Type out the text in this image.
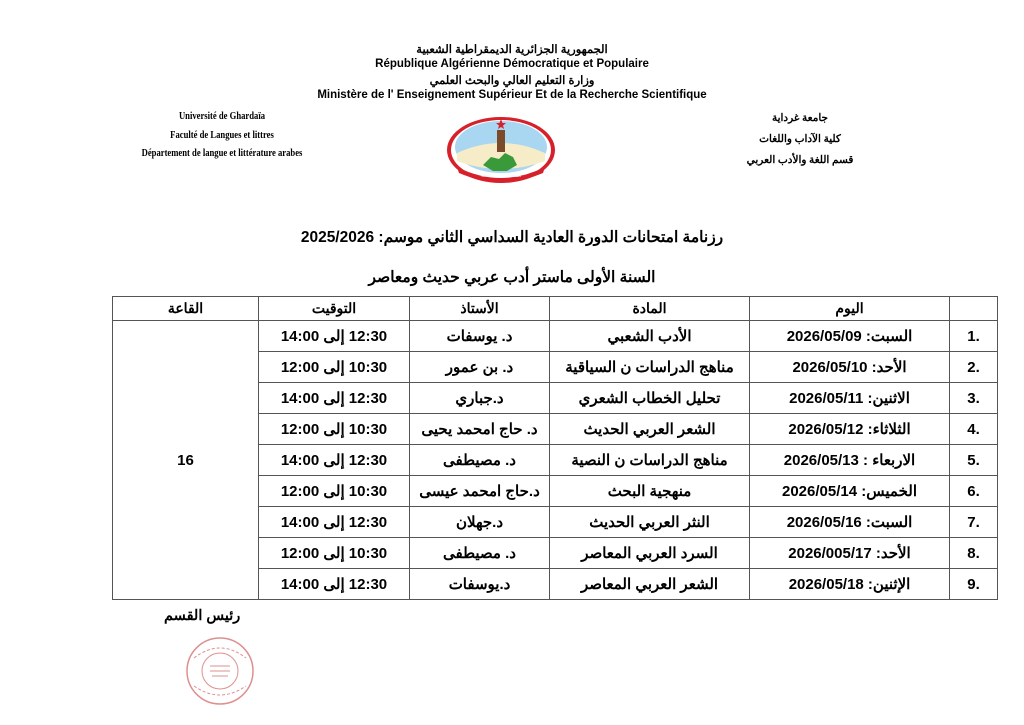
الجمهورية الجزائرية الديمقراطية الشعبية
République Algérienne Démocratique et Populaire
وزارة التعليم العالي والبحث العلمي
Ministère de l' Enseignement Supérieur Et de la Recherche Scientifique
Université de Ghardaïa
Faculté de Langues et littres
Département de langue et littérature arabes
جامعة غرداية
كلية الآداب واللغات
قسم اللغة والأدب العربي
University of Ghardaia
رزنامة امتحانات الدورة العادية السداسي الثاني موسم: 2025/2026
السنة الأولى ماستر أدب عربي حديث ومعاصر
	اليوم	المادة	الأستاذ	التوقيت	القاعة
1.	السبت: 2026/05/09	الأدب الشعبي	د. يوسفات	12:30 إلى 14:00	16
2.	الأحد: 2026/05/10	مناهج الدراسات ن السياقية	د. بن عمور	10:30 إلى 12:00	
3.	الاثنين: 2026/05/11	تحليل الخطاب الشعري	د.جباري	12:30 إلى 14:00	
4.	الثلاثاء: 2026/05/12	الشعر العربي الحديث	د. حاج امحمد يحيى	10:30 إلى 12:00	
5.	الاربعاء : 2026/05/13	مناهج الدراسات ن النصية	د. مصيطفى	12:30 إلى 14:00	
6.	الخميس: 2026/05/14	منهجية البحث	د.حاج امحمد عيسى	10:30 إلى 12:00	
7.	السبت: 2026/05/16	النثر العربي الحديث	د.جهلان	12:30 إلى 14:00	
8.	الأحد: 2026/005/17	السرد العربي المعاصر	د. مصيطفى	10:30 إلى 12:00	
9.	الإثنين: 2026/05/18	الشعر العربي المعاصر	د.يوسفات	12:30 إلى 14:00	
رئيس القسم
